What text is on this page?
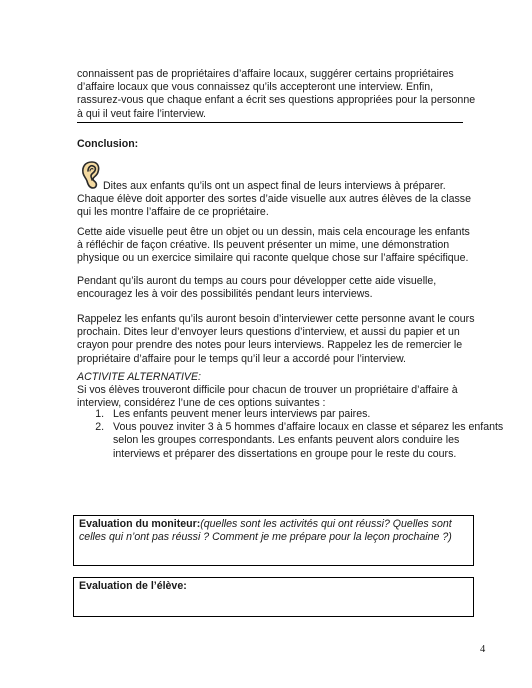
connaissent pas de propriétaires d’affaire locaux, suggérer certains propriétaires d’affaire locaux que vous connaissez qu’ils accepteront une interview. Enfin, rassurez-vous que chaque enfant a écrit ses questions appropriées pour la personne à qui il veut faire l’interview.

Conclusion:

Dites aux enfants qu’ils ont un aspect final de leurs interviews à préparer. Chaque élève doit apporter des sortes d’aide visuelle aux autres élèves de la classe qui les montre l’affaire de ce propriétaire.

Cette aide visuelle peut être un objet ou un dessin, mais cela encourage les enfants à réfléchir de façon créative. Ils peuvent présenter un mime, une démonstration physique ou un exercice similaire qui raconte quelque chose sur l’affaire spécifique.

Pendant qu’ils auront du temps au cours pour développer cette aide visuelle, encouragez les à voir des possibilités pendant leurs interviews.

Rappelez les enfants qu’ils auront besoin d’interviewer cette personne avant le cours prochain. Dites leur d’envoyer leurs questions d’interview, et aussi du papier et un crayon pour prendre des notes pour leurs interviews. Rappelez les de remercier le propriétaire d’affaire pour le temps qu’il leur a accordé pour l’interview.

ACTIVITE ALTERNATIVE:

Si vos élèves trouveront difficile pour chacun de trouver un propriétaire d’affaire à interview, considérez l’une de ces options suivantes :

1. Les enfants peuvent mener leurs interviews par paires.
2. Vous pouvez inviter 3 à 5 hommes d’affaire locaux en classe et séparez les enfants selon les groupes correspondants. Les enfants peuvent alors conduire les interviews et préparer des dissertations en groupe pour le reste du cours.
Evaluation du moniteur:(quelles sont les activités qui ont réussi? Quelles sont celles qui n’ont pas réussi ? Comment je me prépare pour la leçon prochaine ?)
Evaluation de l’élève:
4
